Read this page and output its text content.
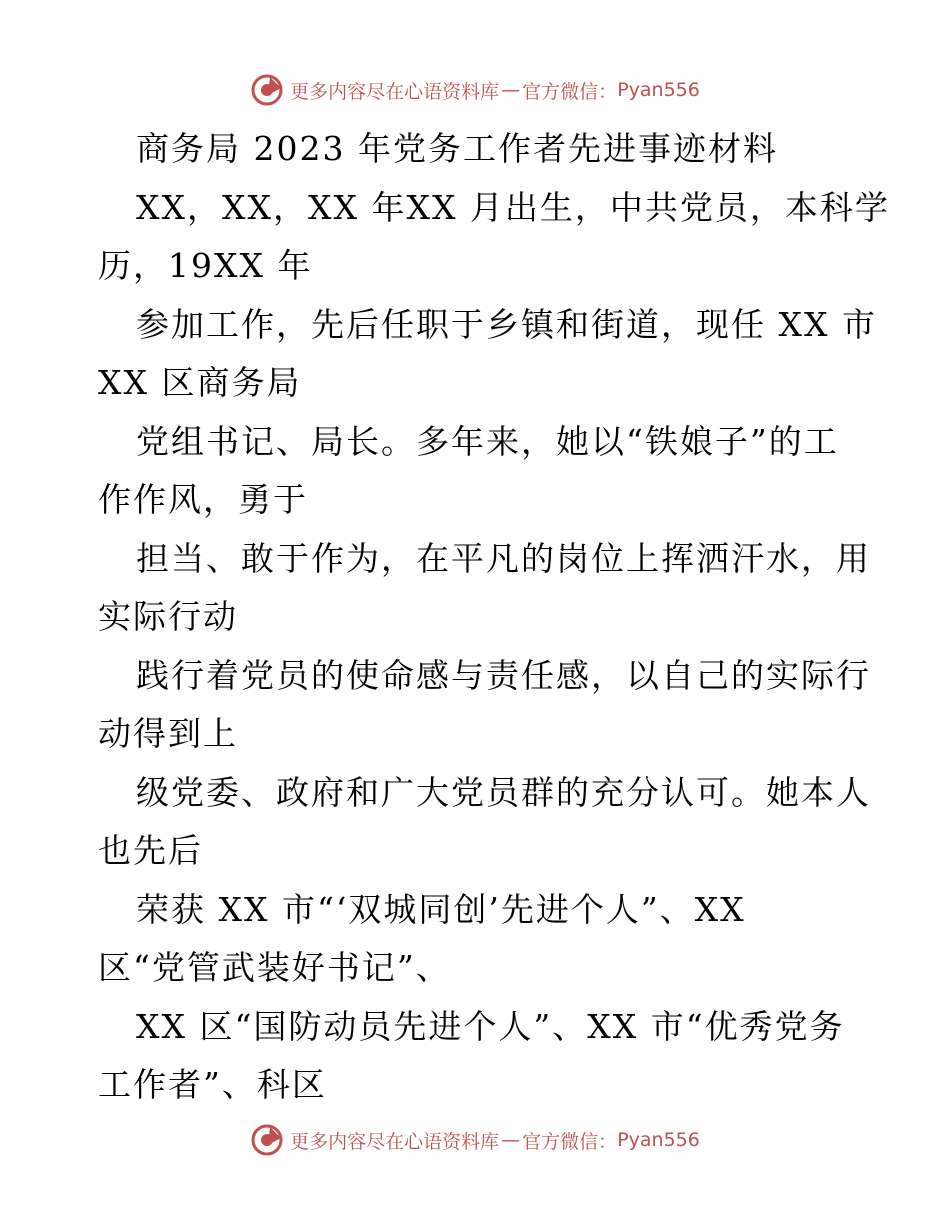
更多内容尽在心语资料库 — 官方微信： Pyan556
商务局 2023 年党务工作者先进事迹材料
XX，XX，XX 年XX 月出生，中共党员，本科学
历，19XX 年
参加工作，先后任职于乡镇和街道，现任 XX 市
XX 区商务局
党组书记、局长。多年来，她以“铁娘子”的工
作作风，勇于
担当、敢于作为，在平凡的岗位上挥洒汗水，用
实际行动
践行着党员的使命感与责任感，以自己的实际行
动得到上
级党委、政府和广大党员群的充分认可。她本人
也先后
荣获 XX 市“‘双城同创’先进个人”、XX
区“党管武装好书记”、
XX 区“国防动员先进个人”、XX 市“优秀党务
工作者”、科区
更多内容尽在心语资料库 — 官方微信： Pyan556
